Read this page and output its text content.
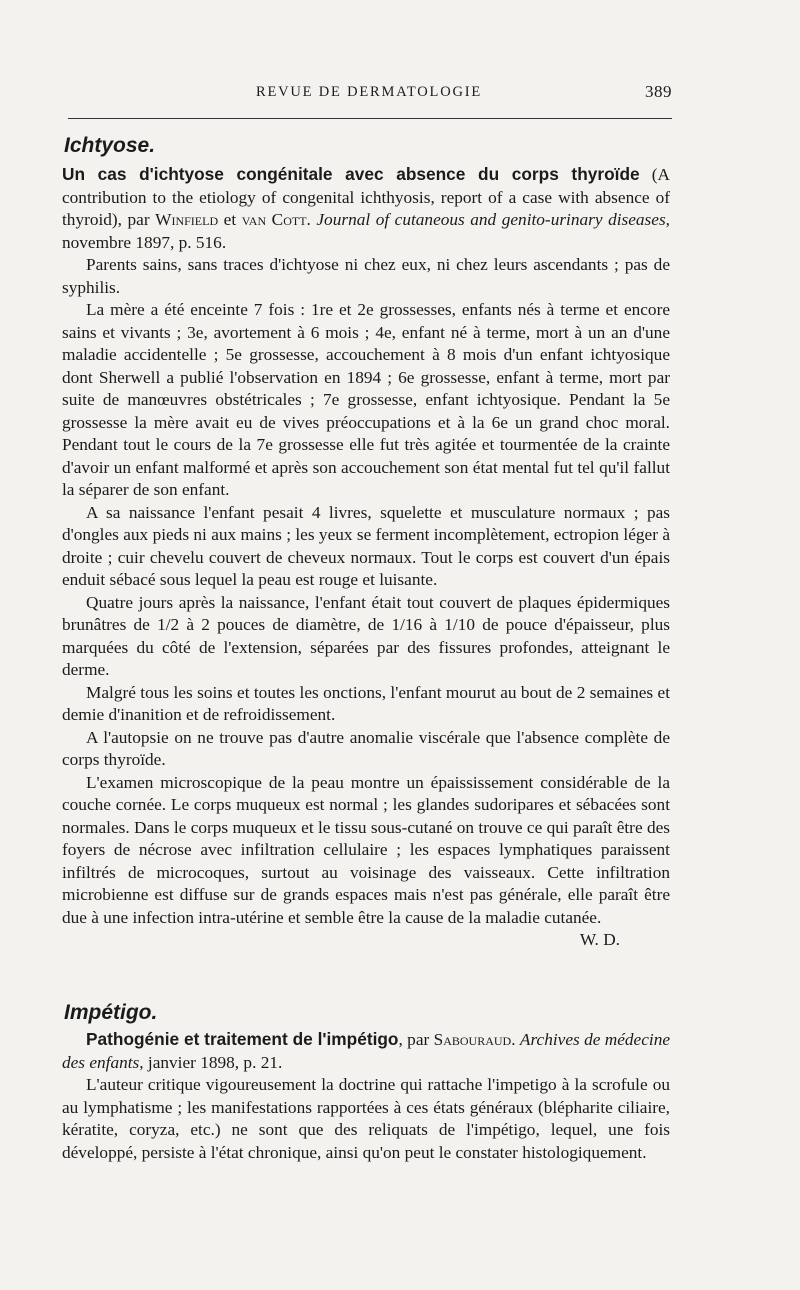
REVUE DE DERMATOLOGIE	389
Ichtyose.

Un cas d'ichtyose congénitale avec absence du corps thyroïde (A contribution to the etiology of congenital ichthyosis, report of a case with absence of thyroid), par Winfield et van Cott. Journal of cutaneous and genito-urinary diseases, novembre 1897, p. 516.

Parents sains, sans traces d'ichtyose ni chez eux, ni chez leurs ascendants ; pas de syphilis.

La mère a été enceinte 7 fois : 1re et 2e grossesses, enfants nés à terme et encore sains et vivants ; 3e, avortement à 6 mois ; 4e, enfant né à terme, mort à un an d'une maladie accidentelle ; 5e grossesse, accouchement à 8 mois d'un enfant ichtyosique dont Sherwell a publié l'observation en 1894 ; 6e grossesse, enfant à terme, mort par suite de manœuvres obstétricales ; 7e grossesse, enfant ichtyosique. Pendant la 5e grossesse la mère avait eu de vives préoccupations et à la 6e un grand choc moral. Pendant tout le cours de la 7e grossesse elle fut très agitée et tourmentée de la crainte d'avoir un enfant malformé et après son accouchement son état mental fut tel qu'il fallut la séparer de son enfant.

A sa naissance l'enfant pesait 4 livres, squelette et musculature normaux ; pas d'ongles aux pieds ni aux mains ; les yeux se ferment incomplètement, ectropion léger à droite ; cuir chevelu couvert de cheveux normaux. Tout le corps est couvert d'un épais enduit sébacé sous lequel la peau est rouge et luisante.

Quatre jours après la naissance, l'enfant était tout couvert de plaques épidermiques brunâtres de 1/2 à 2 pouces de diamètre, de 1/16 à 1/10 de pouce d'épaisseur, plus marquées du côté de l'extension, séparées par des fissures profondes, atteignant le derme.

Malgré tous les soins et toutes les onctions, l'enfant mourut au bout de 2 semaines et demie d'inanition et de refroidissement.

A l'autopsie on ne trouve pas d'autre anomalie viscérale que l'absence complète de corps thyroïde.

L'examen microscopique de la peau montre un épaississement considérable de la couche cornée. Le corps muqueux est normal ; les glandes sudoripares et sébacées sont normales. Dans le corps muqueux et le tissu sous-cutané on trouve ce qui paraît être des foyers de nécrose avec infiltration cellulaire ; les espaces lymphatiques paraissent infiltrés de microcoques, surtout au voisinage des vaisseaux. Cette infiltration microbienne est diffuse sur de grands espaces mais n'est pas générale, elle paraît être due à une infection intra-utérine et semble être la cause de la maladie cutanée.
W. D.

Impétigo.

Pathogénie et traitement de l'impétigo, par Sabouraud. Archives de médecine des enfants, janvier 1898, p. 21.

L'auteur critique vigoureusement la doctrine qui rattache l'impetigo à la scrofule ou au lymphatisme ; les manifestations rapportées à ces états généraux (blépharite ciliaire, kératite, coryza, etc.) ne sont que des reliquats de l'impétigo, lequel, une fois développé, persiste à l'état chronique, ainsi qu'on peut le constater histologiquement.
